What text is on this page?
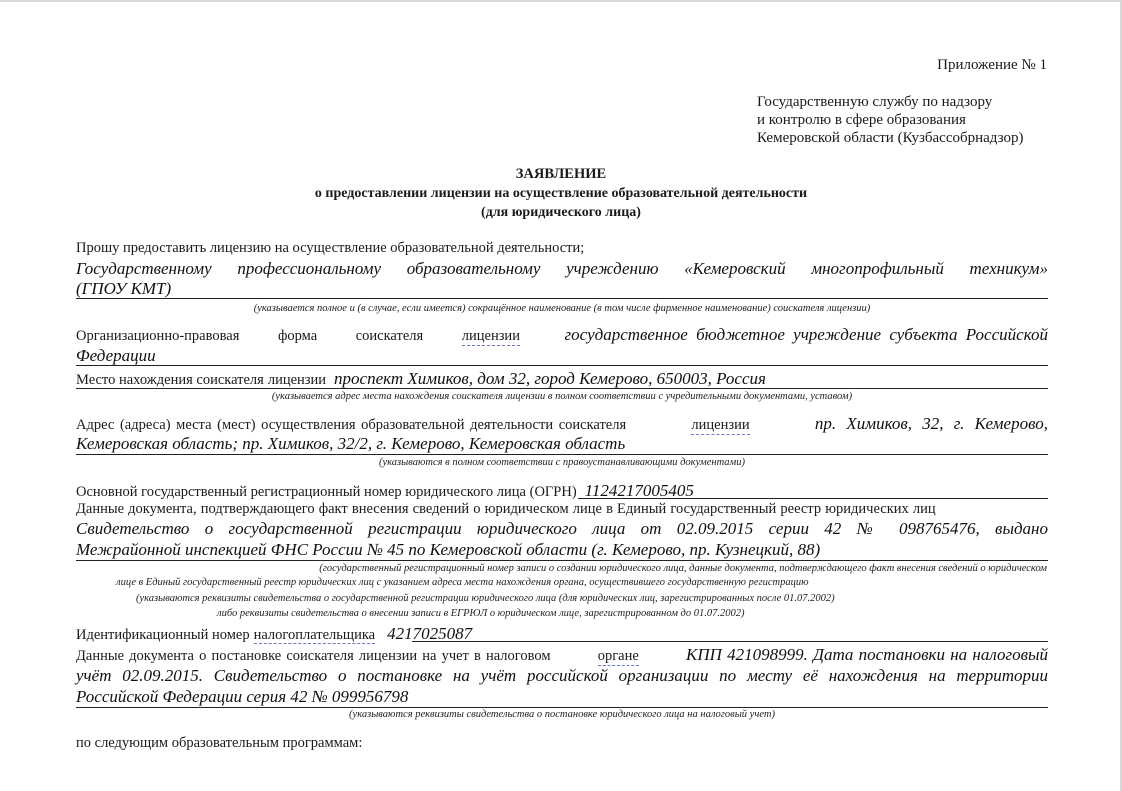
Приложение № 1
Государственную службу по надзору
и контролю в сфере образования
Кемеровской области (Кузбассобрнадзор)
ЗАЯВЛЕНИЕ
о предоставлении лицензии на осуществление образовательной деятельности
(для юридического лица)
Прошу предоставить лицензию на осуществление образовательной деятельности;
Государственному профессиональному образовательному учреждению «Кемеровский многопрофильный техникум»
(ГПОУ КМТ)
(указывается полное и (в случае, если имеется) сокращённое наименование (в том числе фирменное наименование) соискателя лицензии)
Организационно-правовая	форма	соискателя	лицензии	государственное бюджетное учреждение субъекта Российской
Федерации
Место нахождения соискателя лицензии проспект Химиков, дом 32, город Кемерово, 650003, Россия
(указывается адрес места нахождения соискателя лицензии в полном соответствии с учредительными документами, уставом)
Адрес (адреса) места (мест) осуществления образовательной деятельности соискателя	лицензии	пр. Химиков, 32, г. Кемерово,
Кемеровская область; пр. Химиков, 32/2, г. Кемерово, Кемеровская область
(указываются в полном соответствии с правоустанавливающими документами)
Основной государственный регистрационный номер юридического лица (ОГРН) 1124217005405
Данные документа, подтверждающего факт внесения сведений о юридическом лице в Единый государственный реестр юридических лиц
Свидетельство о государственной регистрации юридического лица от 02.09.2015 серии 42 № 098765476, выдано
Межрайонной инспекцией ФНС России № 45 по Кемеровской области (г. Кемерово, пр. Кузнецкий, 88)
(государственный регистрационный номер записи о создании юридического лица, данные документа, подтверждающего факт внесения сведений о юридическом
лице в Единый государственный реестр юридических лиц с указанием адреса места нахождения органа, осуществившего государственную регистрацию
(указываются реквизиты свидетельства о государственной регистрации юридического лица (для юридических лиц, зарегистрированных после 01.07.2002)
либо реквизиты свидетельства о внесении записи в ЕГРЮЛ о юридическом лице, зарегистрированном до 01.07.2002)
Идентификационный номер налогоплательщика 4217025087
Данные документа о постановке соискателя лицензии на учет в налоговом	органе	КПП 421098999. Дата постановки на налоговый
учёт 02.09.2015. Свидетельство о постановке на учёт российской организации по месту её нахождения на территории
Российской Федерации серия 42 № 099956798
(указываются реквизиты свидетельства о постановке юридического лица на налоговый учет)
по следующим образовательным программам:
